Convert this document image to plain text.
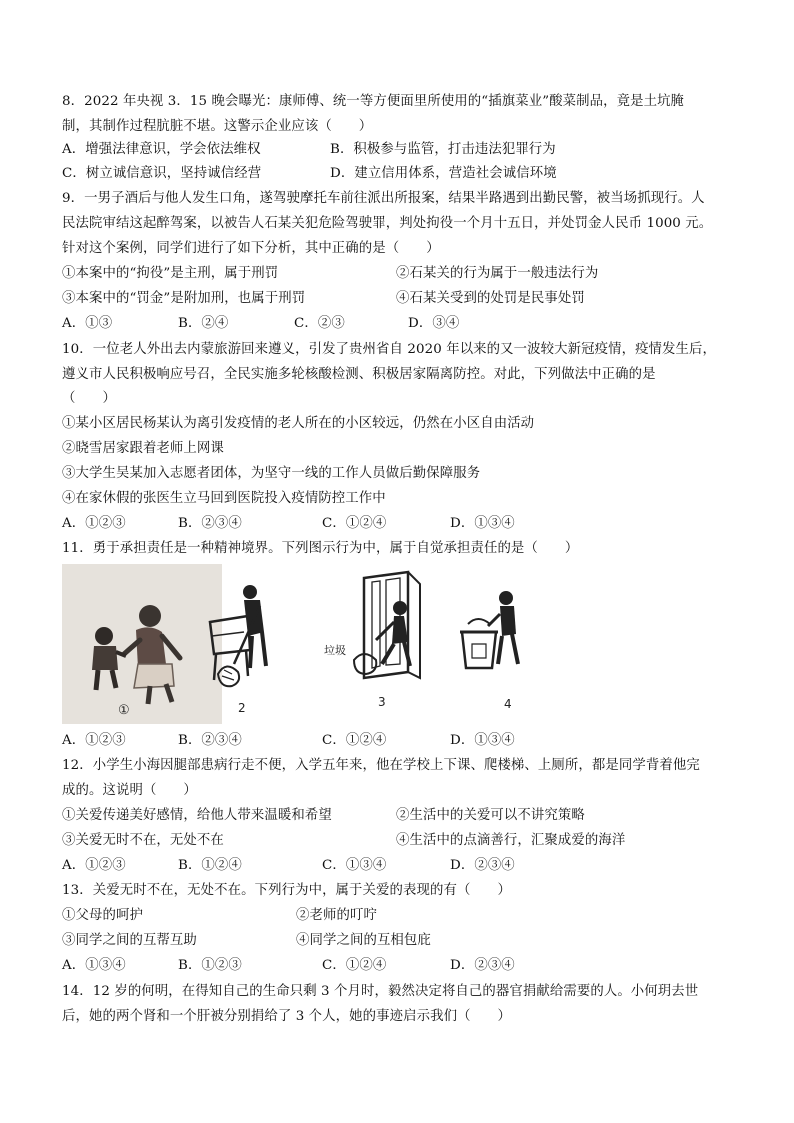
8．2022 年央视 3．15 晚会曝光：康师傅、统一等方便面里所使用的“插旗菜业”酸菜制品，竟是土坑腌
制，其制作过程肮脏不堪。这警示企业应该（　　）
A．增强法律意识，学会依法维权	B．积极参与监管，打击违法犯罪行为
C．树立诚信意识，坚持诚信经营	D．建立信用体系，营造社会诚信环境
9．一男子酒后与他人发生口角，遂驾驶摩托车前往派出所报案，结果半路遇到出勤民警，被当场抓现行。人
民法院审结这起醉驾案，以被告人石某关犯危险驾驶罪，判处拘役一个月十五日，并处罚金人民币 1000 元。
针对这个案例，同学们进行了如下分析，其中正确的是（　　）
①本案中的“拘役”是主刑，属于刑罚	②石某关的行为属于一般违法行为
③本案中的“罚金”是附加刑，也属于刑罚	④石某关受到的处罚是民事处罚
A．①③	B．②④	C．②③	D．③④
10．一位老人外出去内蒙旅游回来遵义，引发了贵州省自 2020 年以来的又一波较大新冠疫情，疫情发生后，
遵义市人民积极响应号召，全民实施多轮核酸检测、积极居家隔离防控。对此，下列做法中正确的是
（　　）
①某小区居民杨某认为离引发疫情的老人所在的小区较远，仍然在小区自由活动
②晓雪居家跟着老师上网课
③大学生吴某加入志愿者团体，为坚守一线的工作人员做后勤保障服务
④在家休假的张医生立马回到医院投入疫情防控工作中
A．①②③	B．②③④	C．①②④	D．①③④
11．勇于承担责任是一种精神境界。下列图示行为中，属于自觉承担责任的是（　　）
①	2
垃圾
3	4
A．①②③	B．②③④	C．①②④	D．①③④
12．小学生小海因腿部患病行走不便，入学五年来，他在学校上下课、爬楼梯、上厕所，都是同学背着他完
成的。这说明（　　）
①关爱传递美好感情，给他人带来温暖和希望	②生活中的关爱可以不讲究策略
③关爱无时不在，无处不在	④生活中的点滴善行，汇聚成爱的海洋
A．①②③	B．①②④	C．①③④	D．②③④
13．关爱无时不在，无处不在。下列行为中，属于关爱的表现的有（　　）
①父母的呵护	②老师的叮咛
③同学之间的互帮互助	④同学之间的互相包庇
A．①③④	B．①②③	C．①②④	D．②③④
14．12 岁的何明，在得知自己的生命只剩 3 个月时，毅然决定将自己的器官捐献给需要的人。小何玥去世
后，她的两个肾和一个肝被分别捐给了 3 个人，她的事迹启示我们（　　）
